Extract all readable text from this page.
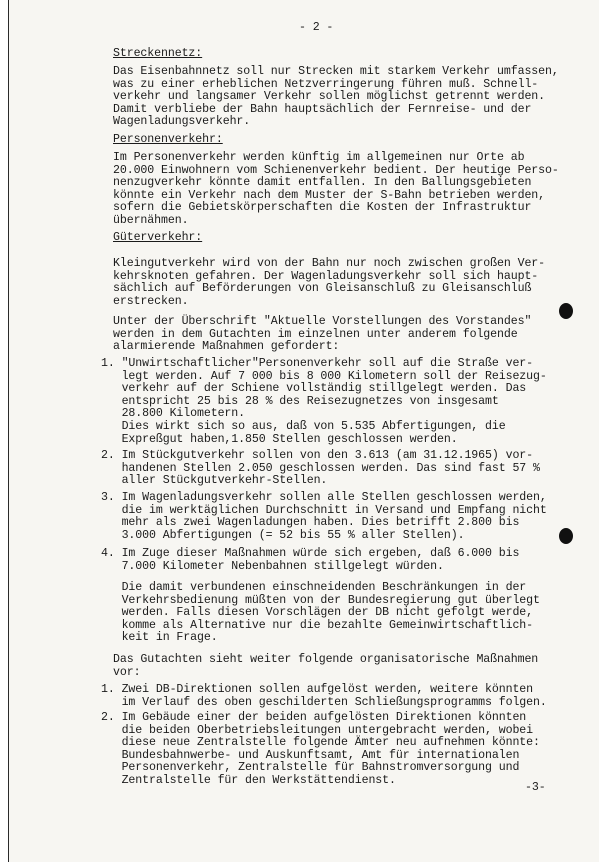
- 2 -
Streckennetz:
Das Eisenbahnnetz soll nur Strecken mit starkem Verkehr umfassen,
was zu einer erheblichen Netzverringerung führen muß. Schnell-
verkehr und langsamer Verkehr sollen möglichst getrennt werden.
Damit verbliebe der Bahn hauptsächlich der Fernreise- und der
Wagenladungsverkehr.
Personenverkehr:
Im Personenverkehr werden künftig im allgemeinen nur Orte ab
20.000 Einwohnern vom Schienenverkehr bedient. Der heutige Perso-
nenzugverkehr könnte damit entfallen. In den Ballungsgebieten
könnte ein Verkehr nach dem Muster der S-Bahn betrieben werden,
sofern die Gebietskörperschaften die Kosten der Infrastruktur
übernähmen.
Güterverkehr:
Kleingutverkehr wird von der Bahn nur noch zwischen großen Ver-
kehrsknoten gefahren. Der Wagenladungsverkehr soll sich haupt-
sächlich auf Beförderungen von Gleisanschluß zu Gleisanschluß
erstrecken.
Unter der Überschrift "Aktuelle Vorstellungen des Vorstandes"
werden in dem Gutachten im einzelnen unter anderem folgende
alarmierende Maßnahmen gefordert:
1. "Unwirtschaftlicher"Personenverkehr soll auf die Straße ver-
legt werden. Auf 7 000 bis 8 000 Kilometern soll der Reisezug-
verkehr auf der Schiene vollständig stillgelegt werden. Das
entspricht 25 bis 28 % des Reisezugnetzes von insgesamt
28.800 Kilometern.
Dies wirkt sich so aus, daß von 5.535 Abfertigungen, die
Expreßgut haben,1.850 Stellen geschlossen werden.
2. Im Stückgutverkehr sollen von den 3.613 (am 31.12.1965) vor-
handenen Stellen 2.050 geschlossen werden. Das sind fast 57 %
aller Stückgutverkehr-Stellen.
3. Im Wagenladungsverkehr sollen alle Stellen geschlossen werden,
die im werktäglichen Durchschnitt in Versand und Empfang nicht
mehr als zwei Wagenladungen haben. Dies betrifft 2.800 bis
3.000 Abfertigungen (= 52 bis 55 % aller Stellen).
4. Im Zuge dieser Maßnahmen würde sich ergeben, daß 6.000 bis
7.000 Kilometer Nebenbahnen stillgelegt würden.
Die damit verbundenen einschneidenden Beschränkungen in der
Verkehrsbedienung müßten von der Bundesregierung gut überlegt
werden. Falls diesen Vorschlägen der DB nicht gefolgt werde,
komme als Alternative nur die bezahlte Gemeinwirtschaftlich-
keit in Frage.
Das Gutachten sieht weiter folgende organisatorische Maßnahmen
vor:
1. Zwei DB-Direktionen sollen aufgelöst werden, weitere könnten
im Verlauf des oben geschilderten Schließungsprogramms folgen.
2. Im Gebäude einer der beiden aufgelösten Direktionen könnten
die beiden Oberbetriebsleitungen untergebracht werden, wobei
diese neue Zentralstelle folgende Ämter neu aufnehmen könnte:
Bundesbahnwerbe- und Auskunftsamt, Amt für internationalen
Personenverkehr, Zentralstelle für Bahnstromversorgung und
Zentralstelle für den Werkstättendienst.
-3-
